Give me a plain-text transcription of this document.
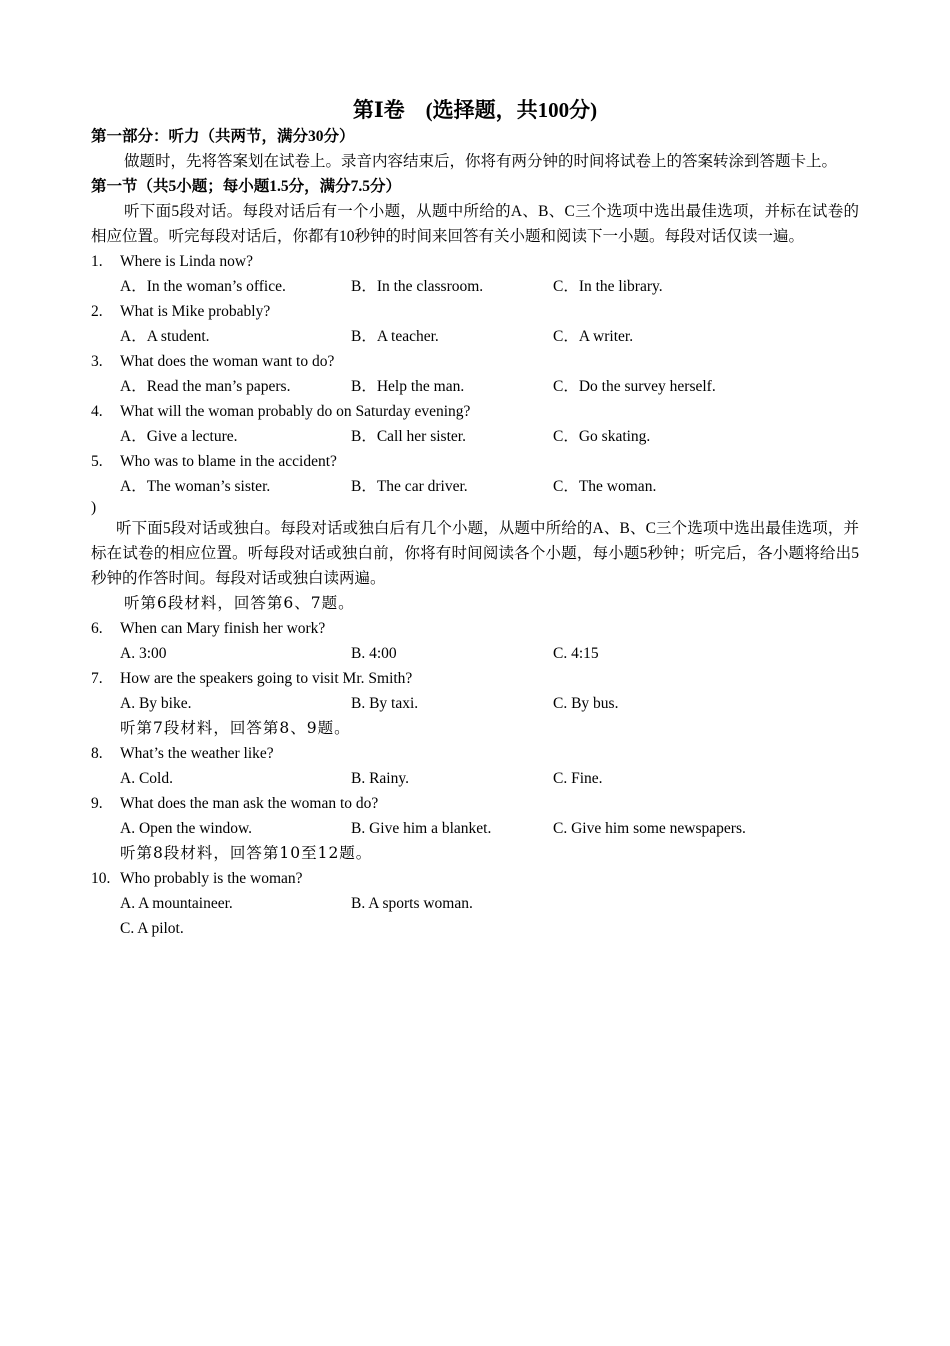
第Ⅰ卷　(选择题，共100分)
第一部分：听力（共两节，满分30分）
做题时，先将答案划在试卷上。录音内容结束后，你将有两分钟的时间将试卷上的答案转涂到答题卡上。
第一节（共5小题；每小题1.5分，满分7.5分）
听下面5段对话。每段对话后有一个小题，从题中所给的A、B、C三个选项中选出最佳选项，并标在试卷的相应位置。听完每段对话后，你都有10秒钟的时间来回答有关小题和阅读下一小题。每段对话仅读一遍。
1. Where is Linda now?
A．In the woman’s office.	B．In the classroom.	C．In the library.
2. What is Mike probably?
A．A student.	B．A teacher.	C．A writer.
3. What does the woman want to do?
A．Read the man’s papers.	B．Help the man.	C．Do the survey herself.
4. What will the woman probably do on Saturday evening?
A．Give a lecture.	B．Call her sister.	C．Go skating.
5. Who was to blame in the accident?
A．The woman’s sister.	B．The car driver.	C．The woman.
)
听下面5段对话或独白。每段对话或独白后有几个小题，从题中所给的A、B、C三个选项中选出最佳选项，并标在试卷的相应位置。听每段对话或独白前，你将有时间阅读各个小题，每小题5秒钟；听完后，各小题将给出5秒钟的作答时间。每段对话或独白读两遍。
听第6段材料，回答第6、7题。
6. When can Mary finish her work?
A. 3:00	B. 4:00	C. 4:15
7. How are the speakers going to visit Mr. Smith?
A. By bike.	B. By taxi.	C. By bus.
听第7段材料，回答第8、9题。
8. What’s the weather like?
A. Cold.	B. Rainy.	C. Fine.
9. What does the man ask the woman to do?
A. Open the window.	B. Give him a blanket.	C. Give him some newspapers.
听第8段材料，回答第10至12题。
10. Who probably is the woman?
A. A mountaineer.	B. A sports woman.
C. A pilot.
